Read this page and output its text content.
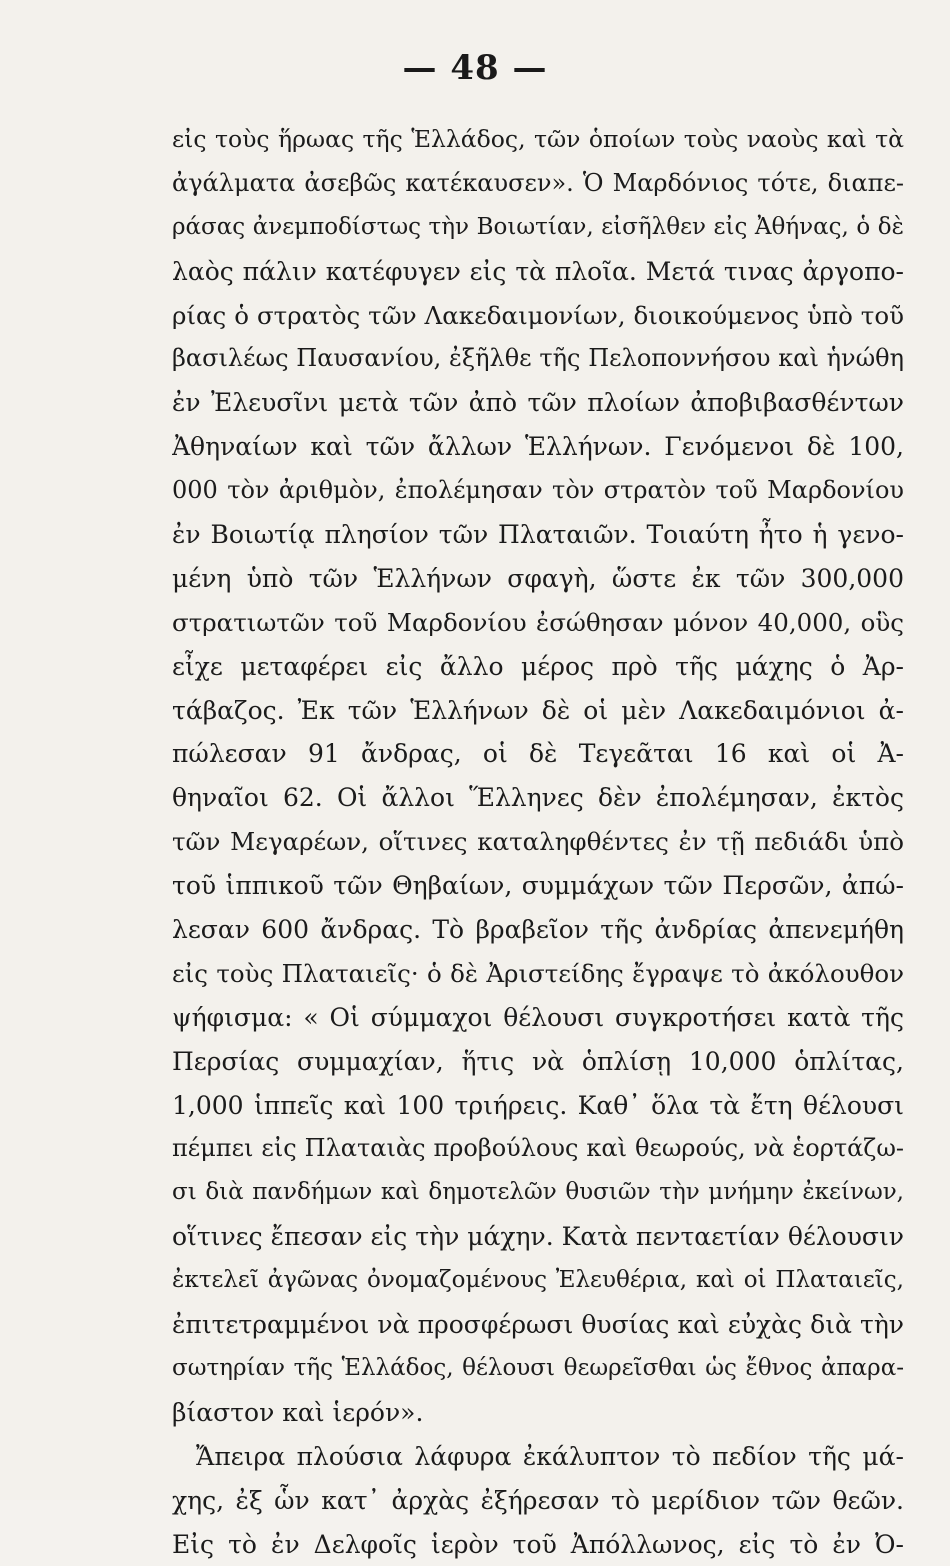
— 48 —
εἰς τοὺς ἥρωας τῆς Ἑλλάδος, τῶν ὁποίων τοὺς ναοὺς καὶ τὰ
ἀγάλματα ἀσεβῶς κατέκαυσεν». Ὁ Μαρδόνιος τότε, διαπε-
ράσας ἀνεμποδίστως τὴν Βοιωτίαν, εἰσῆλθεν εἰς Ἀθήνας, ὁ δὲ
λαὸς πάλιν κατέφυγεν εἰς τὰ πλοῖα. Μετά τινας ἀργοπο-
ρίας ὁ στρατὸς τῶν Λακεδαιμονίων, διοικούμενος ὑπὸ τοῦ
βασιλέως Παυσανίου, ἐξῆλθε τῆς Πελοποννήσου καὶ ἡνώθη
ἐν Ἐλευσῖνι μετὰ τῶν ἀπὸ τῶν πλοίων ἀποβιβασθέντων
Ἀθηναίων καὶ τῶν ἄλλων Ἑλλήνων. Γενόμενοι δὲ 100,
000 τὸν ἀριθμὸν, ἐπολέμησαν τὸν στρατὸν τοῦ Μαρδονίου
ἐν Βοιωτίᾳ πλησίον τῶν Πλαταιῶν. Τοιαύτη ἦτο ἡ γενο-
μένη ὑπὸ τῶν Ἑλλήνων σφαγὴ, ὥστε ἐκ τῶν 300,000
στρατιωτῶν τοῦ Μαρδονίου ἐσώθησαν μόνον 40,000, οὓς
εἶχε μεταφέρει εἰς ἄλλο μέρος πρὸ τῆς μάχης ὁ Ἀρ-
τάβαζος. Ἐκ τῶν Ἑλλήνων δὲ οἱ μὲν Λακεδαιμόνιοι ἀ-
πώλεσαν 91 ἄνδρας, οἱ δὲ Τεγεᾶται 16 καὶ οἱ Ἀ-
θηναῖοι 62. Οἱ ἄλλοι Ἕλληνες δὲν ἐπολέμησαν, ἐκτὸς
τῶν Μεγαρέων, οἵτινες καταληφθέντες ἐν τῇ πεδιάδι ὑπὸ
τοῦ ἱππικοῦ τῶν Θηβαίων, συμμάχων τῶν Περσῶν, ἀπώ-
λεσαν 600 ἄνδρας. Τὸ βραβεῖον τῆς ἀνδρίας ἀπενεμήθη
εἰς τοὺς Πλαταιεῖς· ὁ δὲ Ἀριστείδης ἔγραψε τὸ ἀκόλουθον
ψήφισμα: « Οἱ σύμμαχοι θέλουσι συγκροτήσει κατὰ τῆς
Περσίας συμμαχίαν, ἥτις νὰ ὁπλίσῃ 10,000 ὁπλίτας,
1,000 ἱππεῖς καὶ 100 τριήρεις. Καθ᾽ ὅλα τὰ ἔτη θέλουσι
πέμπει εἰς Πλαταιὰς προβούλους καὶ θεωρούς, νὰ ἑορτάζω-
σι διὰ πανδήμων καὶ δημοτελῶν θυσιῶν τὴν μνήμην ἐκείνων,
οἵτινες ἔπεσαν εἰς τὴν μάχην. Κατὰ πενταετίαν θέλουσιν
ἐκτελεῖ ἀγῶνας ὀνομαζομένους Ἐλευθέρια, καὶ οἱ Πλαταιεῖς,
ἐπιτετραμμένοι νὰ προσφέρωσι θυσίας καὶ εὐχὰς διὰ τὴν
σωτηρίαν τῆς Ἑλλάδος, θέλουσι θεωρεῖσθαι ὡς ἔθνος ἀπαρα-
βίαστον καὶ ἱερόν».
Ἄπειρα πλούσια λάφυρα ἐκάλυπτον τὸ πεδίον τῆς μά-
χης, ἐξ ὧν κατ᾽ ἀρχὰς ἐξήρεσαν τὸ μερίδιον τῶν θεῶν.
Εἰς τὸ ἐν Δελφοῖς ἱερὸν τοῦ Ἀπόλλωνος, εἰς τὸ ἐν Ὀ-
